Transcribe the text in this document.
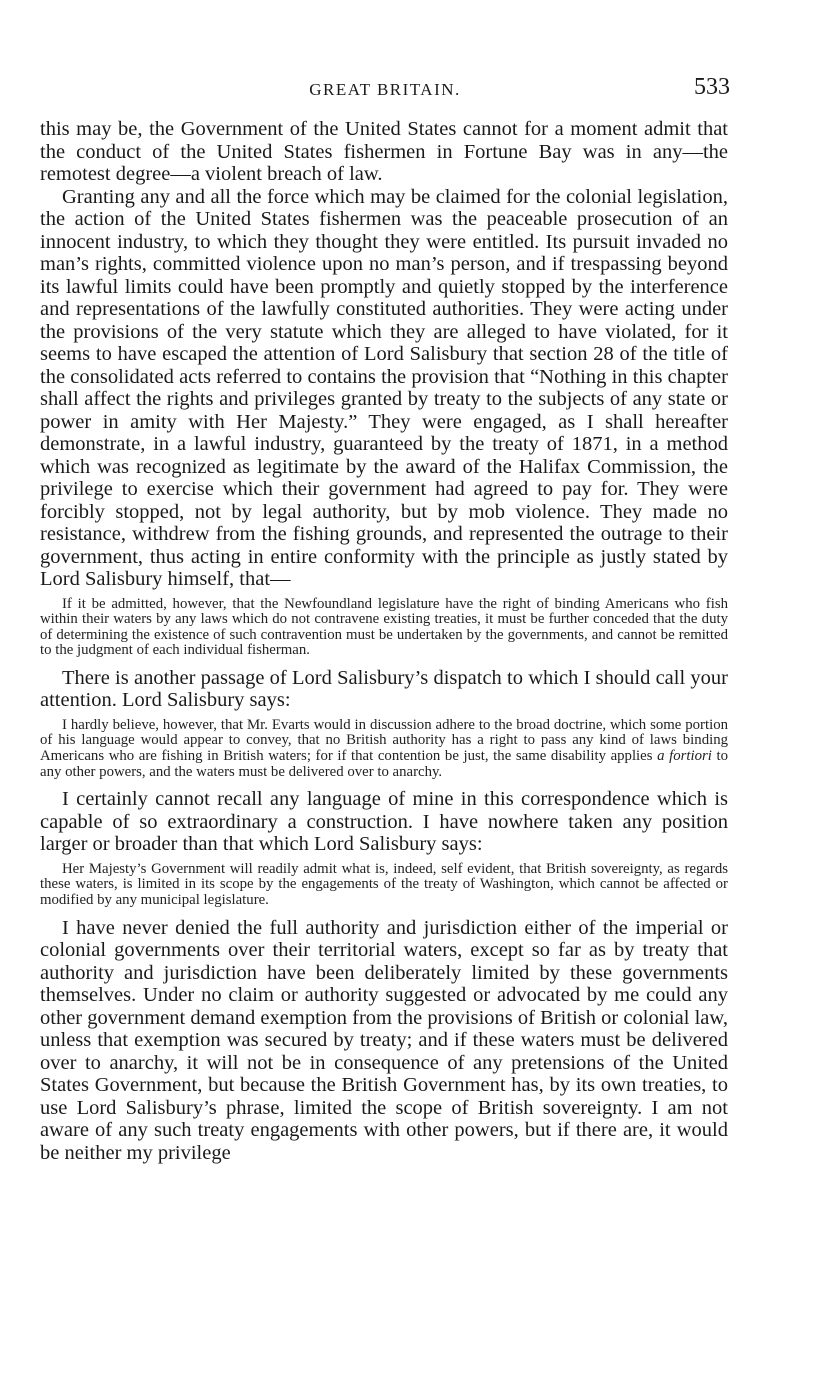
GREAT BRITAIN.	533

this may be, the Government of the United States cannot for a moment admit that the conduct of the United States fishermen in Fortune Bay was in any—the remotest degree—a violent breach of law.

Granting any and all the force which may be claimed for the colonial legislation, the action of the United States fishermen was the peaceable prosecution of an innocent industry, to which they thought they were entitled. Its pursuit invaded no man’s rights, committed violence upon no man’s person, and if trespassing beyond its lawful limits could have been promptly and quietly stopped by the interference and representations of the lawfully constituted authorities. They were acting under the provisions of the very statute which they are alleged to have violated, for it seems to have escaped the attention of Lord Salisbury that section 28 of the title of the consolidated acts referred to contains the provision that “Nothing in this chapter shall affect the rights and privileges granted by treaty to the subjects of any state or power in amity with Her Majesty.” They were engaged, as I shall hereafter demonstrate, in a lawful industry, guaranteed by the treaty of 1871, in a method which was recognized as legitimate by the award of the Halifax Commission, the privilege to exercise which their government had agreed to pay for. They were forcibly stopped, not by legal authority, but by mob violence. They made no resistance, withdrew from the fishing grounds, and represented the outrage to their government, thus acting in entire conformity with the principle as justly stated by Lord Salisbury himself, that—

If it be admitted, however, that the Newfoundland legislature have the right of binding Americans who fish within their waters by any laws which do not contravene existing treaties, it must be further conceded that the duty of determining the existence of such contravention must be undertaken by the governments, and cannot be remitted to the judgment of each individual fisherman.

There is another passage of Lord Salisbury’s dispatch to which I should call your attention. Lord Salisbury says:

I hardly believe, however, that Mr. Evarts would in discussion adhere to the broad doctrine, which some portion of his language would appear to convey, that no British authority has a right to pass any kind of laws binding Americans who are fishing in British waters; for if that contention be just, the same disability applies a fortiori to any other powers, and the waters must be delivered over to anarchy.

I certainly cannot recall any language of mine in this correspondence which is capable of so extraordinary a construction. I have nowhere taken any position larger or broader than that which Lord Salisbury says:

Her Majesty’s Government will readily admit what is, indeed, self evident, that British sovereignty, as regards these waters, is limited in its scope by the engagements of the treaty of Washington, which cannot be affected or modified by any municipal legislature.

I have never denied the full authority and jurisdiction either of the imperial or colonial governments over their territorial waters, except so far as by treaty that authority and jurisdiction have been deliberately limited by these governments themselves. Under no claim or authority suggested or advocated by me could any other government demand exemption from the provisions of British or colonial law, unless that exemption was secured by treaty; and if these waters must be delivered over to anarchy, it will not be in consequence of any pretensions of the United States Government, but because the British Government has, by its own treaties, to use Lord Salisbury’s phrase, limited the scope of British sovereignty. I am not aware of any such treaty engagements with other powers, but if there are, it would be neither my privilege
